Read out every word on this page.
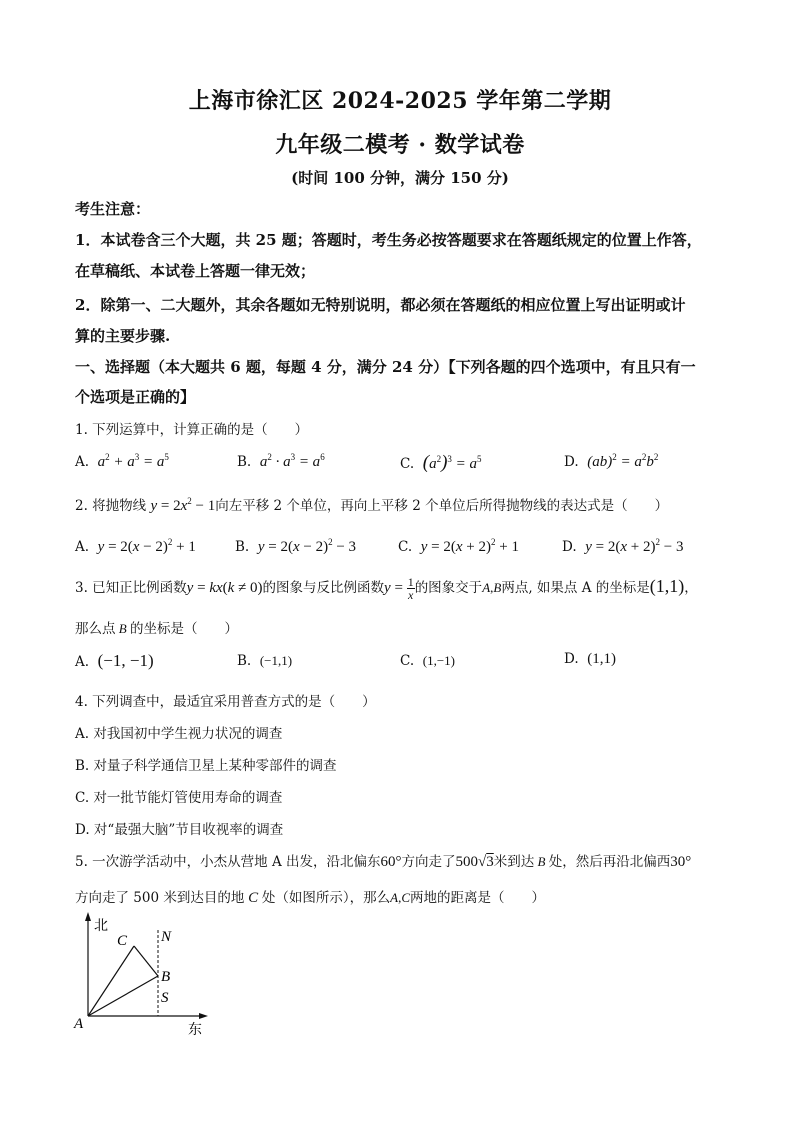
上海市徐汇区 2024-2025 学年第二学期
九年级二模考 · 数学试卷
(时间 100 分钟，满分 150 分)
考生注意：
1．本试卷含三个大题，共 25 题；答题时，考生务必按答题要求在答题纸规定的位置上作答，
在草稿纸、本试卷上答题一律无效；
2．除第一、二大题外，其余各题如无特别说明，都必须在答题纸的相应位置上写出证明或计
算的主要步骤.
一、选择题（本大题共 6 题，每题 4 分，满分 24 分）【下列各题的四个选项中，有且只有一
个选项是正确的】
1. 下列运算中，计算正确的是（　　）
A. $a^2 + a^3 = a^5$	B. $a^2 \cdot a^3 = a^6$	C. $(a^2)^3 = a^5$	D. $(ab)^2 = a^2b^2$
2. 将抛物线 $y = 2x^2 - 1$向左平移 2 个单位，再向上平移 2 个单位后所得抛物线的表达式是（　　）
A. $y = 2(x - 2)^2 + 1$	B. $y = 2(x - 2)^2 - 3$	C. $y = 2(x + 2)^2 + 1$	D. $y = 2(x + 2)^2 - 3$
3. 已知正比例函数y = kx(k ≠ 0)的图象与反比例函数$y = \frac{1}{x}$ 的图象交于A,B两点, 如果点 A 的坐标是(1,1)，
那么点 B 的坐标是（　　）
A. (−1, −1)	B. (−1,1)	C. (1,−1)	D. (1,1)
4. 下列调查中，最适宜采用普查方式的是（　　）
A. 对我国初中学生视力状况的调查
B. 对量子科学通信卫星上某种零部件的调查
C. 对一批节能灯管使用寿命的调查
D. 对“最强大脑”节目收视率的调查
5. 一次游学活动中，小杰从营地 A 出发，沿北偏东60°方向走了500√3米到达 B 处，然后再沿北偏西30°
方向走了 500 米到达目的地 C 处（如图所示），那么A,C两地的距离是（　　）
北
东
A
B
C N
S
